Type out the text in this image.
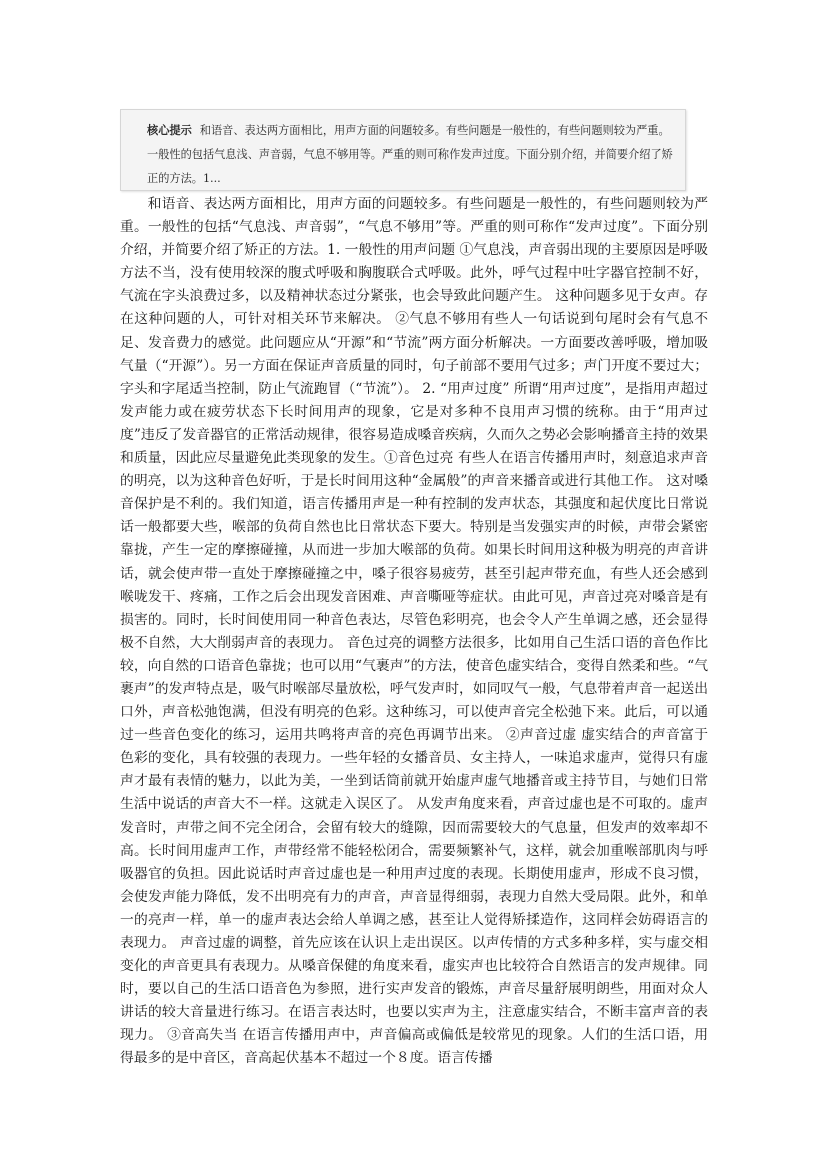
核心提示 和语音、表达两方面相比，用声方面的问题较多。有些问题是一般性的，有些问题则较为严重。一般性的包括气息浅、声音弱，气息不够用等。严重的则可称作发声过度。下面分别介绍，并简要介绍了矫正的方法。1...

和语音、表达两方面相比，用声方面的问题较多。有些问题是一般性的，有些问题则较为严重。一般性的包括“气息浅、声音弱”，“气息不够用”等。严重的则可称作“发声过度”。下面分别介绍，并简要介绍了矫正的方法。1. 一般性的用声问题 ①气息浅，声音弱出现的主要原因是呼吸方法不当，没有使用较深的腹式呼吸和胸腹联合式呼吸。此外，呼气过程中吐字器官控制不好，气流在字头浪费过多，以及精神状态过分紧张，也会导致此问题产生。 这种问题多见于女声。存在这种问题的人，可针对相关环节来解决。 ②气息不够用有些人一句话说到句尾时会有气息不足、发音费力的感觉。此问题应从“开源”和“节流”两方面分析解决。一方面要改善呼吸，增加吸气量（“开源”）。另一方面在保证声音质量的同时，句子前部不要用气过多；声门开度不要过大；字头和字尾适当控制，防止气流跑冒（“节流”）。 2. “用声过度” 所谓“用声过度”，是指用声超过发声能力或在疲劳状态下长时间用声的现象，它是对多种不良用声习惯的统称。由于“用声过度”违反了发音器官的正常活动规律，很容易造成嗓音疾病，久而久之势必会影响播音主持的效果和质量，因此应尽量避免此类现象的发生。①音色过亮 有些人在语言传播用声时，刻意追求声音的明亮，以为这种音色好听，于是长时间用这种“金属般”的声音来播音或进行其他工作。 这对嗓音保护是不利的。我们知道，语言传播用声是一种有控制的发声状态，其强度和起伏度比日常说话一般都要大些，喉部的负荷自然也比日常状态下要大。特别是当发强实声的时候，声带会紧密靠拢，产生一定的摩擦碰撞，从而进一步加大喉部的负荷。如果长时间用这种极为明亮的声音讲话，就会使声带一直处于摩擦碰撞之中，嗓子很容易疲劳，甚至引起声带充血，有些人还会感到喉咙发干、疼痛，工作之后会出现发音困难、声音嘶哑等症状。由此可见，声音过亮对嗓音是有损害的。同时，长时间使用同一种音色表达，尽管色彩明亮，也会令人产生单调之感，还会显得极不自然，大大削弱声音的表现力。 音色过亮的调整方法很多，比如用自己生活口语的音色作比较，向自然的口语音色靠拢；也可以用“气裹声”的方法，使音色虚实结合，变得自然柔和些。“气裹声”的发声特点是，吸气时喉部尽量放松，呼气发声时，如同叹气一般，气息带着声音一起送出口外，声音松弛饱满，但没有明亮的色彩。这种练习，可以使声音完全松弛下来。此后，可以通过一些音色变化的练习，运用共鸣将声音的亮色再调节出来。 ②声音过虚 虚实结合的声音富于色彩的变化，具有较强的表现力。一些年轻的女播音员、女主持人，一味追求虚声，觉得只有虚声才最有表情的魅力，以此为美，一坐到话筒前就开始虚声虚气地播音或主持节目，与她们日常生活中说话的声音大不一样。这就走入误区了。 从发声角度来看，声音过虚也是不可取的。虚声发音时，声带之间不完全闭合，会留有较大的缝隙，因而需要较大的气息量，但发声的效率却不高。长时间用虚声工作，声带经常不能轻松闭合，需要频繁补气，这样，就会加重喉部肌肉与呼吸器官的负担。因此说话时声音过虚也是一种用声过度的表现。长期使用虚声，形成不良习惯，会使发声能力降低，发不出明亮有力的声音，声音显得细弱，表现力自然大受局限。此外，和单一的亮声一样，单一的虚声表达会给人单调之感，甚至让人觉得矫揉造作，这同样会妨碍语言的表现力。 声音过虚的调整，首先应该在认识上走出误区。以声传情的方式多种多样，实与虚交相变化的声音更具有表现力。从嗓音保健的角度来看，虚实声也比较符合自然语言的发声规律。同时，要以自己的生活口语音色为参照，进行实声发音的锻炼，声音尽量舒展明朗些，用面对众人讲话的较大音量进行练习。在语言表达时，也要以实声为主，注意虚实结合，不断丰富声音的表现力。 ③音高失当 在语言传播用声中，声音偏高或偏低是较常见的现象。人们的生活口语，用得最多的是中音区，音高起伏基本不超过一个８度。语言传播
